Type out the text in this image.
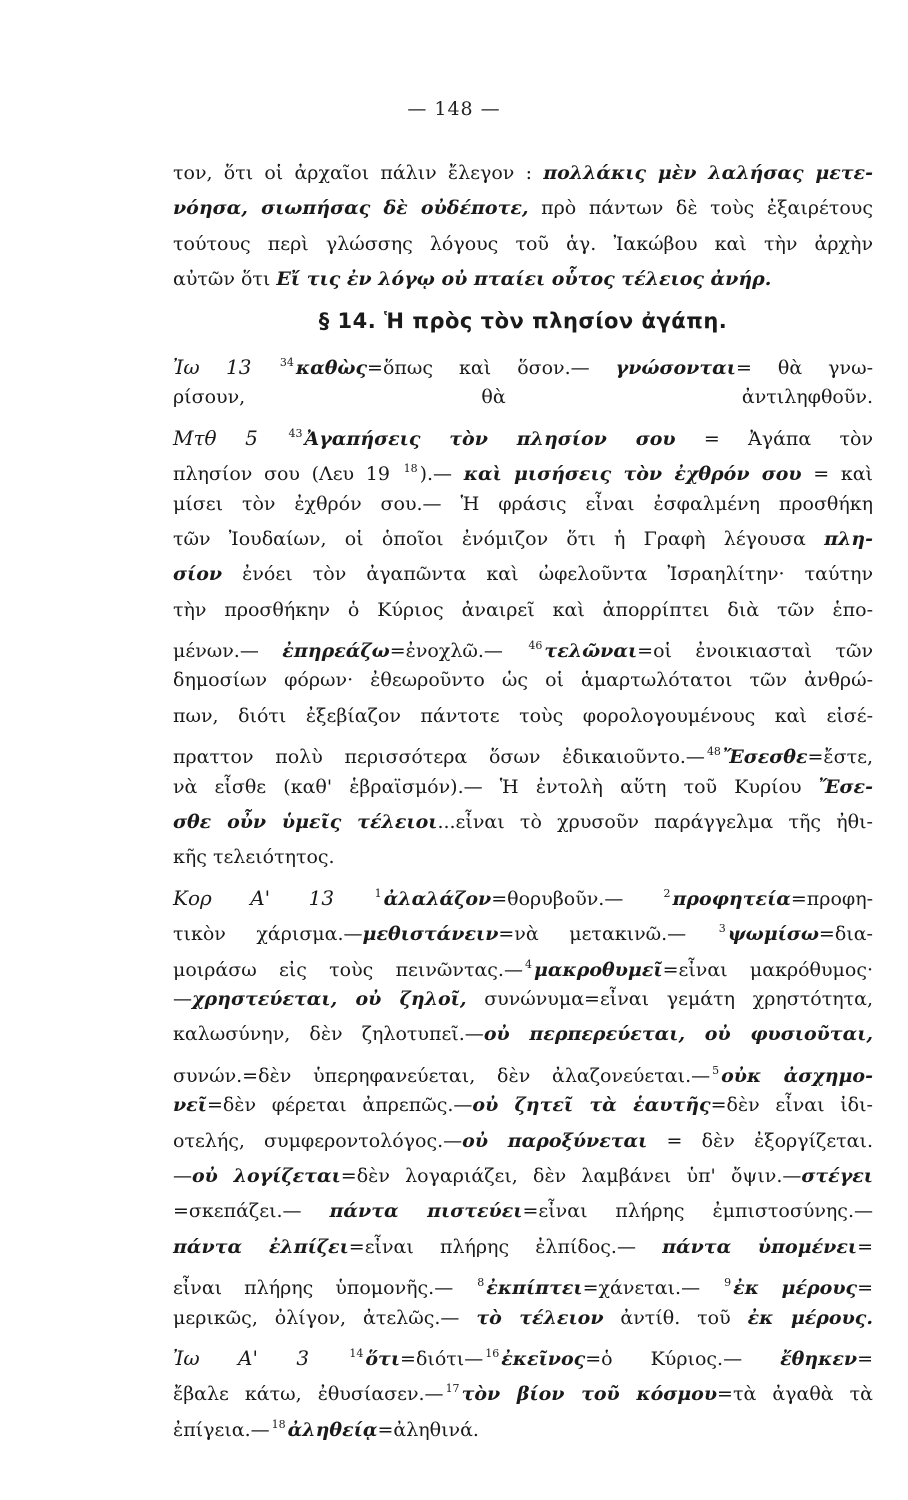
— 148 —
τον, ὅτι οἱ ἀρχαῖοι πάλιν ἔλεγον : πολλάκις μὲν λαλήσας μετε-
νόησα, σιωπήσας δὲ οὐδέποτε, πρὸ πάντων δὲ τοὺς ἐξαιρέτους
τούτους περὶ γλώσσης λόγους τοῦ ἁγ. Ἰακώβου καὶ τὴν ἀρχὴν
αὐτῶν ὅτι Εἴ τις ἐν λόγῳ οὐ πταίει οὗτος τέλειος ἀνήρ.
§ 14. Ἡ πρὸς τὸν πλησίον ἀγάπη.
Ἰω 13 $^{34}$ καθὼς=ὅπως καὶ ὅσον.— γνώσονται= θὰ γνω-
ρίσουν, θὰ ἀντιληφθοῦν.
Μτθ 5 $^{43}$ Ἀγαπήσεις τὸν πλησίον σου = Ἀγάπα τὸν
πλησίον σου (Λευ 19 $^{18}$ ).— καὶ μισήσεις τὸν ἐχθρόν σου = καὶ
μίσει τὸν ἐχθρόν σου.— Ἡ φράσις εἶναι ἐσφαλμένη προσθήκη
τῶν Ἰουδαίων, οἱ ὁποῖοι ἐνόμιζον ὅτι ἡ Γραφὴ λέγουσα πλη-
σίον ἐνόει τὸν ἀγαπῶντα καὶ ὠφελοῦντα Ἰσραηλίτην· ταύτην
τὴν προσθήκην ὁ Κύριος ἀναιρεῖ καὶ ἀπορρίπτει διὰ τῶν ἑπο-
μένων.— ἐπηρεάζω=ἐνοχλῶ.— $^{46}$ τελῶναι=οἱ ἐνοικιασταὶ τῶν
δημοσίων φόρων· ἐθεωροῦντο ὡς οἱ ἁμαρτωλότατοι τῶν ἀνθρώ-
πων, διότι ἐξεβίαζον πάντοτε τοὺς φορολογουμένους καὶ εἰσέ-
πραττον πολὺ περισσότερα ὅσων ἐδικαιοῦντο.— $^{48}$ Ἔσεσθε=ἔστε,
νὰ εἶσθε (καθ' ἑβραϊσμόν).— Ἡ ἐντολὴ αὕτη τοῦ Κυρίου Ἔσε-
σθε οὖν ὑμεῖς τέλειοι...εἶναι τὸ χρυσοῦν παράγγελμα τῆς ἠθι-
κῆς τελειότητος.
Κορ Α' 13 $^1$ ἀλαλάζον=θορυβοῦν.— $^2$ προφητεία=προφη-
τικὸν χάρισμα.—μεθιστάνειν=νὰ μετακινῶ.— $^3$ ψωμίσω=δια-
μοιράσω εἰς τοὺς πεινῶντας.— $^4$ μακροθυμεῖ=εἶναι μακρόθυμος·
—χρηστεύεται, οὐ ζηλοῖ, συνώνυμα=εἶναι γεμάτη χρηστότητα,
καλωσύνην, δὲν ζηλοτυπεῖ.—οὐ περπερεύεται, οὐ φυσιοῦται,
συνών.=δὲν ὑπερηφανεύεται, δὲν ἀλαζονεύεται.— $^5$ οὐκ ἀσχημο-
νεῖ=δὲν φέρεται ἀπρεπῶς.—οὐ ζητεῖ τὰ ἑαυτῆς=δὲν εἶναι ἰδι-
οτελής, συμφεροντολόγος.—οὐ παροξύνεται = δὲν ἐξοργίζεται.
—οὐ λογίζεται=δὲν λογαριάζει, δὲν λαμβάνει ὑπ' ὄψιν.—στέγει
=σκεπάζει.— πάντα πιστεύει=εἶναι πλήρης ἐμπιστοσύνης.—
πάντα ἐλπίζει=εἶναι πλήρης ἐλπίδος.— πάντα ὑπομένει=
εἶναι πλήρης ὑπομονῆς.— $^8$ ἐκπίπτει=χάνεται.— $^9$ ἐκ μέρους=
μερικῶς, ὀλίγον, ἀτελῶς.— τὸ τέλειον ἀντίθ. τοῦ ἐκ μέρους.
Ἰω Α' 3 $^{14}$ ὅτι=διότι— $^{16}$ ἐκεῖνος=ὁ Κύριος.— ἔθηκεν=
ἔβαλε κάτω, ἐθυσίασεν.— $^{17}$ τὸν βίον τοῦ κόσμου=τὰ ἀγαθὰ τὰ
ἐπίγεια.— $^{18}$ ἀληθείᾳ=ἀληθινά.
